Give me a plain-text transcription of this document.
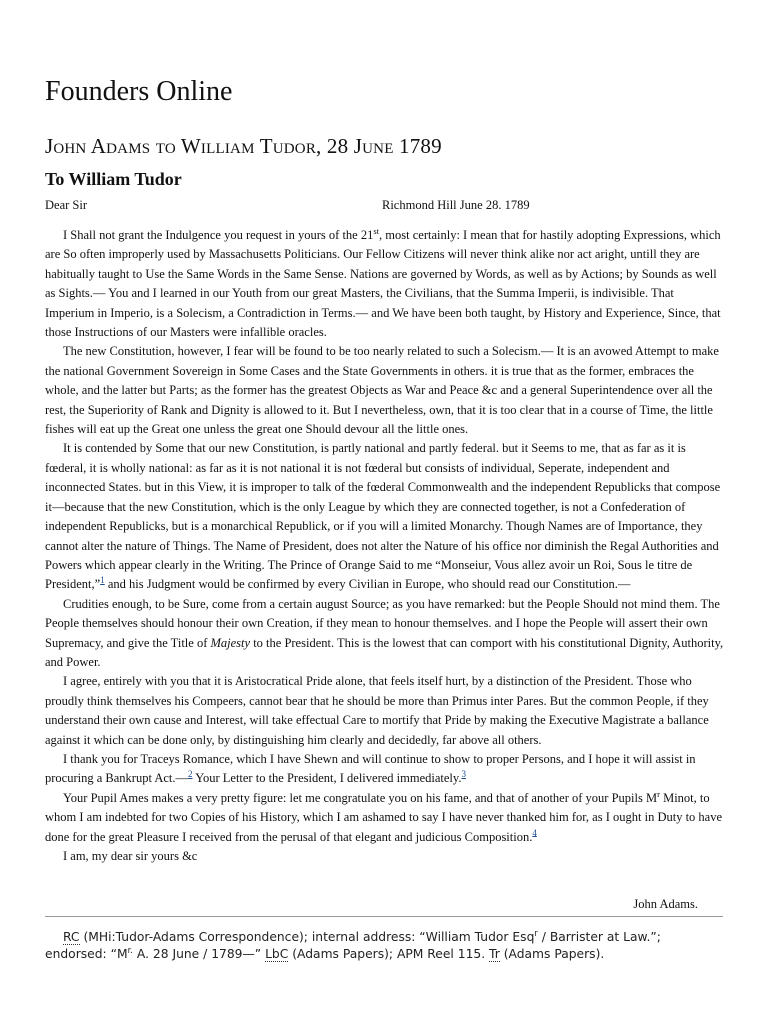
Founders Online
John Adams to William Tudor, 28 June 1789
To William Tudor
Dear Sir	Richmond Hill June 28. 1789

I Shall not grant the Indulgence you request in yours of the 21st, most certainly: I mean that for hastily adopting Expressions, which are So often improperly used by Massachusetts Politicians. Our Fellow Citizens will never think alike nor act aright, untill they are habitually taught to Use the Same Words in the Same Sense. Nations are governed by Words, as well as by Actions; by Sounds as well as Sights.— You and I learned in our Youth from our great Masters, the Civilians, that the Summa Imperii, is indivisible. That Imperium in Imperio, is a Solecism, a Contradiction in Terms.— and We have been both taught, by History and Experience, Since, that those Instructions of our Masters were infallible oracles.

The new Constitution, however, I fear will be found to be too nearly related to such a Solecism.— It is an avowed Attempt to make the national Government Sovereign in Some Cases and the State Governments in others. it is true that as the former, embraces the whole, and the latter but Parts; as the former has the greatest Objects as War and Peace &c and a general Superintendence over all the rest, the Superiority of Rank and Dignity is allowed to it. But I nevertheless, own, that it is too clear that in a course of Time, the little fishes will eat up the Great one unless the great one Should devour all the little ones.

It is contended by Some that our new Constitution, is partly national and partly federal. but it Seems to me, that as far as it is fœderal, it is wholly national: as far as it is not national it is not fœderal but consists of individual, Seperate, independent and inconnected States. but in this View, it is improper to talk of the fœderal Commonwealth and the independent Republicks that compose it—because that the new Constitution, which is the only League by which they are connected together, is not a Confederation of independent Republicks, but is a monarchical Republick, or if you will a limited Monarchy. Though Names are of Importance, they cannot alter the nature of Things. The Name of President, does not alter the Nature of his office nor diminish the Regal Authorities and Powers which appear clearly in the Writing. The Prince of Orange Said to me “Monseiur, Vous allez avoir un Roi, Sous le titre de President,”$^1$ and his Judgment would be confirmed by every Civilian in Europe, who should read our Constitution.—

Crudities enough, to be Sure, come from a certain august Source; as you have remarked: but the People Should not mind them. The People themselves should honour their own Creation, if they mean to honour themselves. and I hope the People will assert their own Supremacy, and give the Title of Majesty to the President. This is the lowest that can comport with his constitutional Dignity, Authority, and Power.

I agree, entirely with you that it is Aristocratical Pride alone, that feels itself hurt, by a distinction of the President. Those who proudly think themselves his Compeers, cannot bear that he should be more than Primus inter Pares. But the common People, if they understand their own cause and Interest, will take effectual Care to mortify that Pride by making the Executive Magistrate a ballance against it which can be done only, by distinguishing him clearly and decidedly, far above all others.

I thank you for Traceys Romance, which I have Shewn and will continue to show to proper Persons, and I hope it will assist in procuring a Bankrupt Act.—$^2$ Your Letter to the President, I delivered immediately.$^3$

Your Pupil Ames makes a very pretty figure: let me congratulate you on his fame, and that of another of your Pupils $M^r$ Minot, to whom I am indebted for two Copies of his History, which I am ashamed to say I have never thanked him for, as I ought in Duty to have done for the great Pleasure I received from the perusal of that elegant and judicious Composition.$^4$

I am, my dear sir yours &c

John Adams.
RC (MHi:Tudor-Adams Correspondence); internal address: “William Tudor Esq$^r$ / Barrister at Law.”; endorsed: “$M^{r.}$ A. 28 June / 1789—” LbC (Adams Papers); APM Reel 115. Tr (Adams Papers).
